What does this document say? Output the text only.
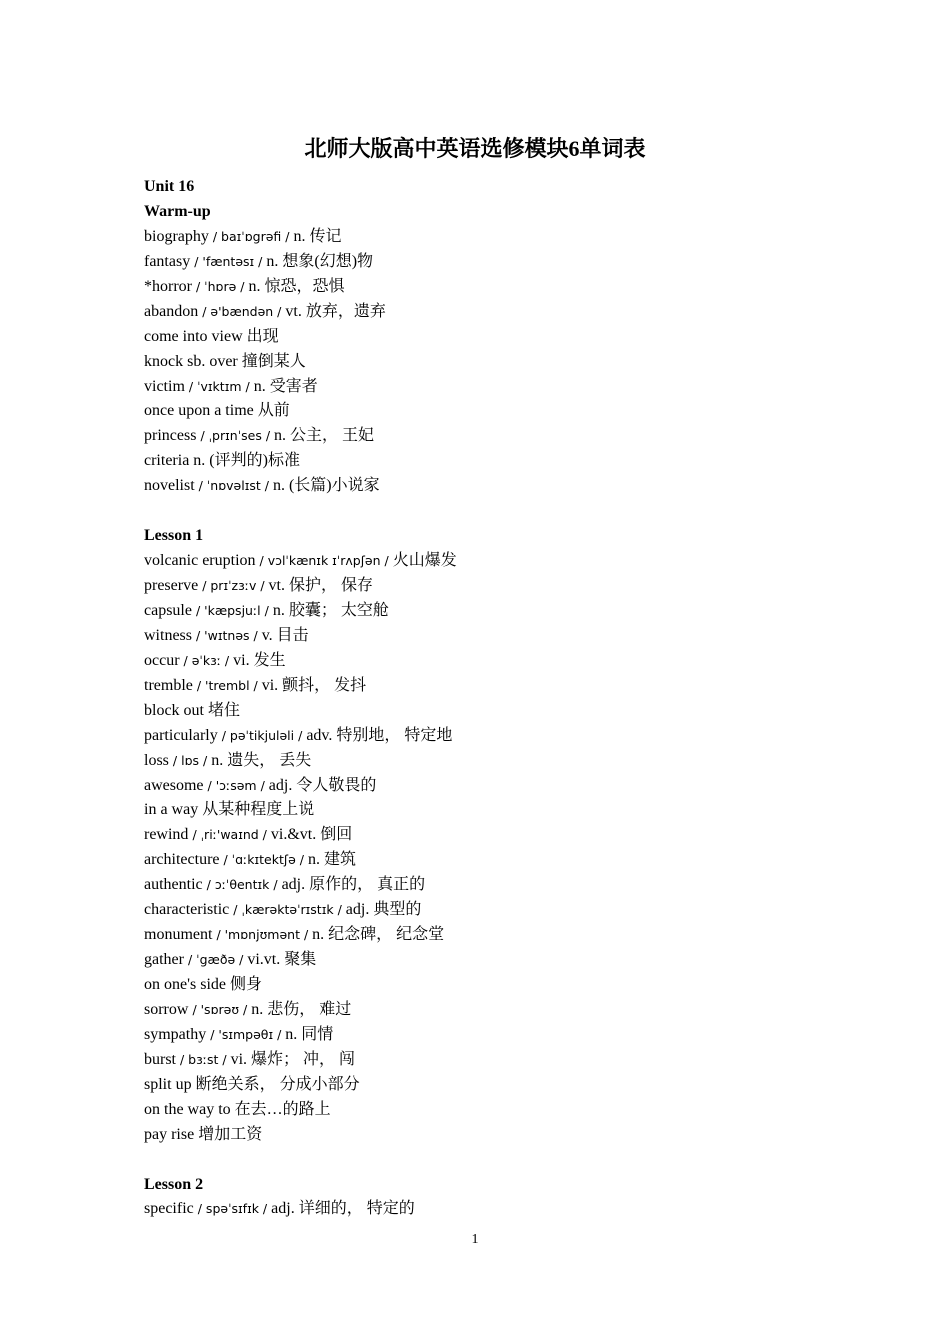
北师大版高中英语选修模块6单词表
Unit 16
Warm-up
biography / baɪˈɒgrəfi / n. 传记
fantasy / 'fæntəsɪ / n. 想象(幻想)物
*horror / ˈhɒrə / n. 惊恐，恐惧
abandon / ə'bændən / vt. 放弃，遗弃
come into view 出现
knock sb. over 撞倒某人
victim / ˈvɪktɪm / n. 受害者
once upon a time 从前
princess / ˌprɪnˈses / n. 公主， 王妃
criteria n. (评判的)标准
novelist / ˈnɒvəlɪst / n. (长篇)小说家
Lesson 1
volcanic eruption / vɔlˈkænɪk ɪˈrʌpʃən / 火山爆发
preserve / prɪˈzɜːv / vt. 保护， 保存
capsule / 'kæpsjuːl / n. 胶囊； 太空舱
witness / 'wɪtnəs / v. 目击
occur / əˈkɜː / vi. 发生
tremble / 'trembl / vi. 颤抖， 发抖
block out 堵住
particularly / pəˈtikjuləli / adv. 特别地， 特定地
loss / lɒs / n. 遗失， 丢失
awesome / 'ɔːsəm / adj. 令人敬畏的
in a way 从某种程度上说
rewind / ˌriː'waɪnd / vi.&vt. 倒回
architecture / ˈɑːkɪtektʃə / n. 建筑
authentic / ɔːˈθentɪk / adj. 原作的， 真正的
characteristic / ˌkærəktəˈrɪstɪk / adj. 典型的
monument / 'mɒnjʊmənt / n. 纪念碑， 纪念堂
gather / ˈgæðə / vi.vt. 聚集
on one's side 侧身
sorrow / 'sɒrəʊ / n. 悲伤， 难过
sympathy / 'sɪmpəθɪ / n. 同情
burst / bɜːst / vi. 爆炸； 冲， 闯
split up 断绝关系， 分成小部分
on the way to 在去…的路上
pay rise 增加工资
Lesson 2
specific / spəˈsɪfɪk / adj. 详细的， 特定的
1
